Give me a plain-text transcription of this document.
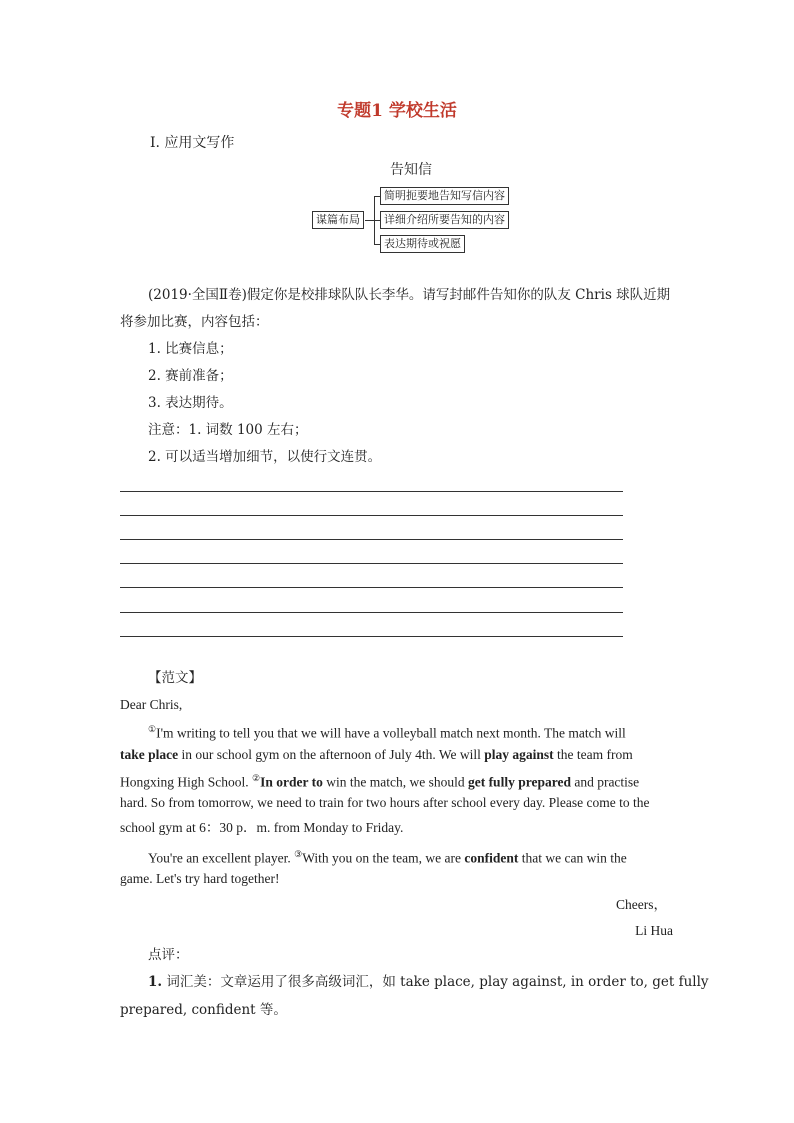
专题1 学校生活
Ⅰ. 应用文写作
告知信
谋篇布局
简明扼要地告知写信内容
详细介绍所要告知的内容
表达期待或祝愿
(2019·全国Ⅱ卷)假定你是校排球队队长李华。请写封邮件告知你的队友 Chris 球队近期
将参加比赛，内容包括：
1. 比赛信息；
2. 赛前准备；
3. 表达期待。
注意：1. 词数 100 左右；
2. 可以适当增加细节，以使行文连贯。
【范文】
Dear Chris,
①I'm writing to tell you that we will have a volleyball match next month. The match will
take place in our school gym on the afternoon of July 4th. We will play against the team from
Hongxing High School. ②In order to win the match, we should get fully prepared and practise
hard. So from tomorrow, we need to train for two hours after school every day. Please come to the
school gym at 6：30 p．m. from Monday to Friday.
You're an excellent player. ③With you on the team, we are confident that we can win the
game. Let's try hard together!
Cheers，
Li Hua
点评：
1. 词汇美：文章运用了很多高级词汇，如 take place, play against, in order to, get fully
prepared, confident 等。
